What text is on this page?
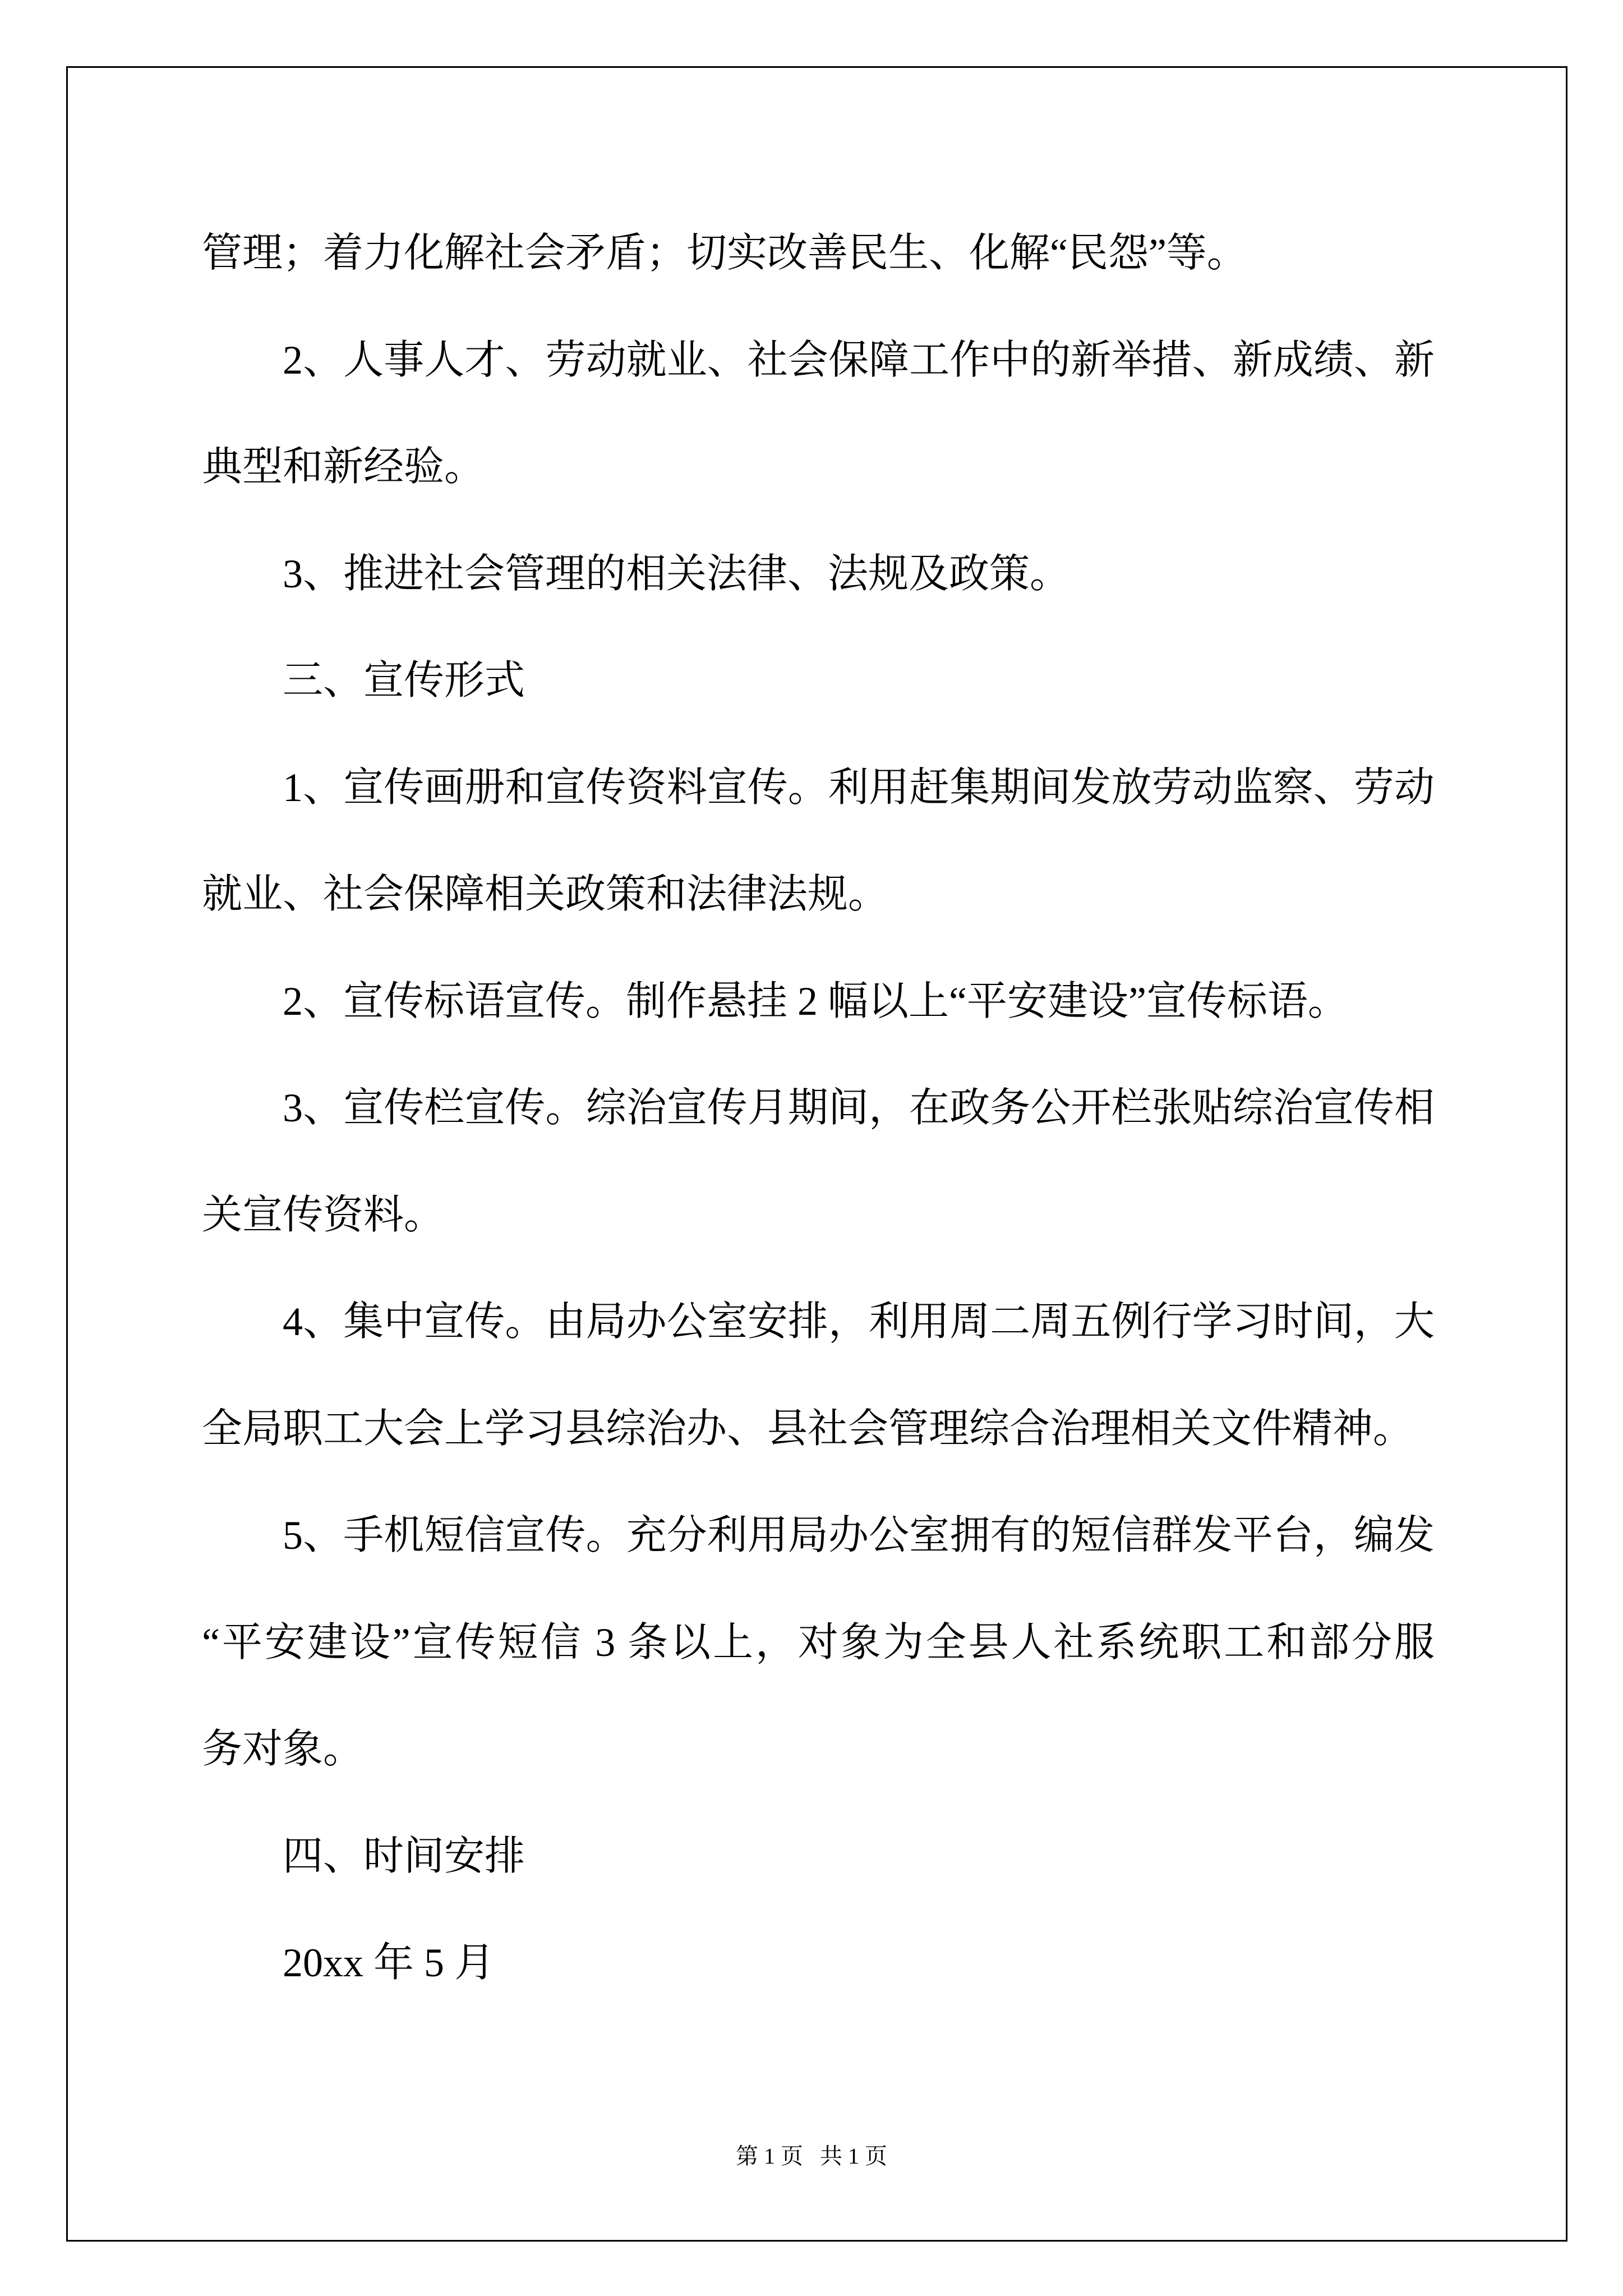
管理；着力化解社会矛盾；切实改善民生、化解“民怨”等。
2、人事人才、劳动就业、社会保障工作中的新举措、新成绩、新
典型和新经验。
3、推进社会管理的相关法律、法规及政策。
三、宣传形式
1、宣传画册和宣传资料宣传。利用赶集期间发放劳动监察、劳动
就业、社会保障相关政策和法律法规。
2、宣传标语宣传。制作悬挂 2 幅以上“平安建设”宣传标语。
3、宣传栏宣传。综治宣传月期间，在政务公开栏张贴综治宣传相
关宣传资料。
4、集中宣传。由局办公室安排，利用周二周五例行学习时间，大
全局职工大会上学习县综治办、县社会管理综合治理相关文件精神。
5、手机短信宣传。充分利用局办公室拥有的短信群发平台，编发
“平安建设”宣传短信 3 条以上，对象为全县人社系统职工和部分服
务对象。
四、时间安排
20xx 年 5 月
第 1 页   共 1 页
